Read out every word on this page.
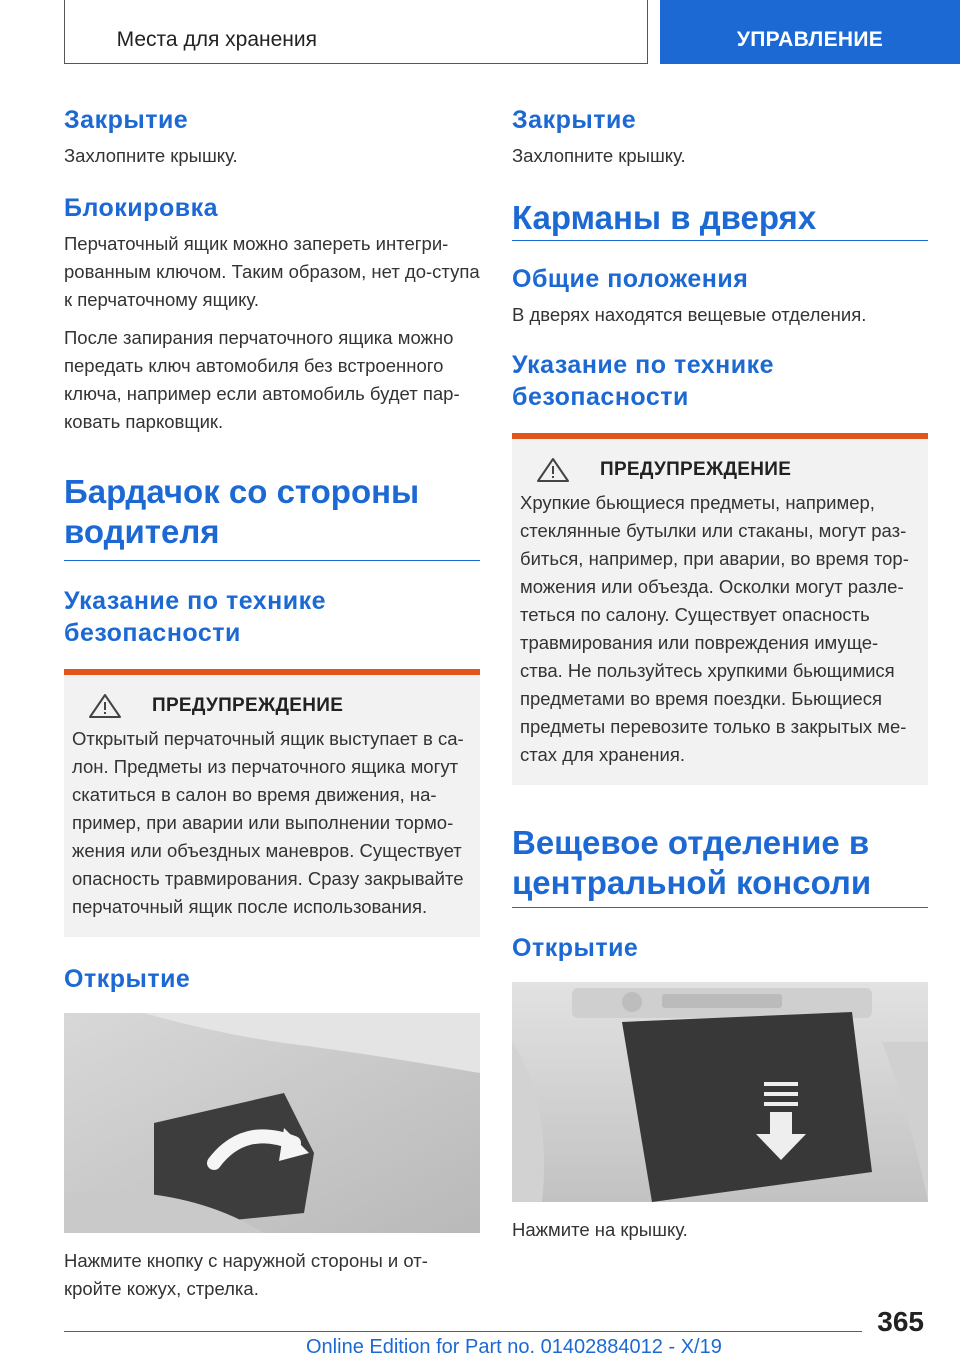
Места для хранения	УПРАВЛЕНИЕ
Закрытие

Захлопните крышку.

Блокировка

Перчаточный ящик можно запереть интегри-рованным ключом. Таким образом, нет до-ступа к перчаточному ящику.

После запирания перчаточного ящика можно передать ключ автомобиля без встроенного ключа, например если автомобиль будет пар-ковать парковщик.

Бардачок со стороны водителя
Указание по технике безопасности
ПРЕДУПРЕЖДЕНИЕ

Открытый перчаточный ящик выступает в са-лон. Предметы из перчаточного ящика могут скатиться в салон во время движения, на-пример, при аварии или выполнении тормо-жения или объездных маневров. Существует опасность травмирования. Сразу закрывайте перчаточный ящик после использования.

Открытие

Нажмите кнопку с наружной стороны и от-кройте кожух, стрелка.

Закрытие

Захлопните крышку.

Карманы в дверях
Общие положения

В дверях находятся вещевые отделения.

Указание по технике безопасности
ПРЕДУПРЕЖДЕНИЕ

Хрупкие бьющиеся предметы, например, стеклянные бутылки или стаканы, могут раз-биться, например, при аварии, во время тор-можения или объезда. Осколки могут разле-теться по салону. Существует опасность травмирования или повреждения имуще-ства. Не пользуйтесь хрупкими бьющимися предметами во время поездки. Бьющиеся предметы перевозите только в закрытых ме-стах для хранения.

Вещевое отделение в центральной консоли
Открытие

Нажмите на крышку.

365
Online Edition for Part no. 01402884012 - X/19
